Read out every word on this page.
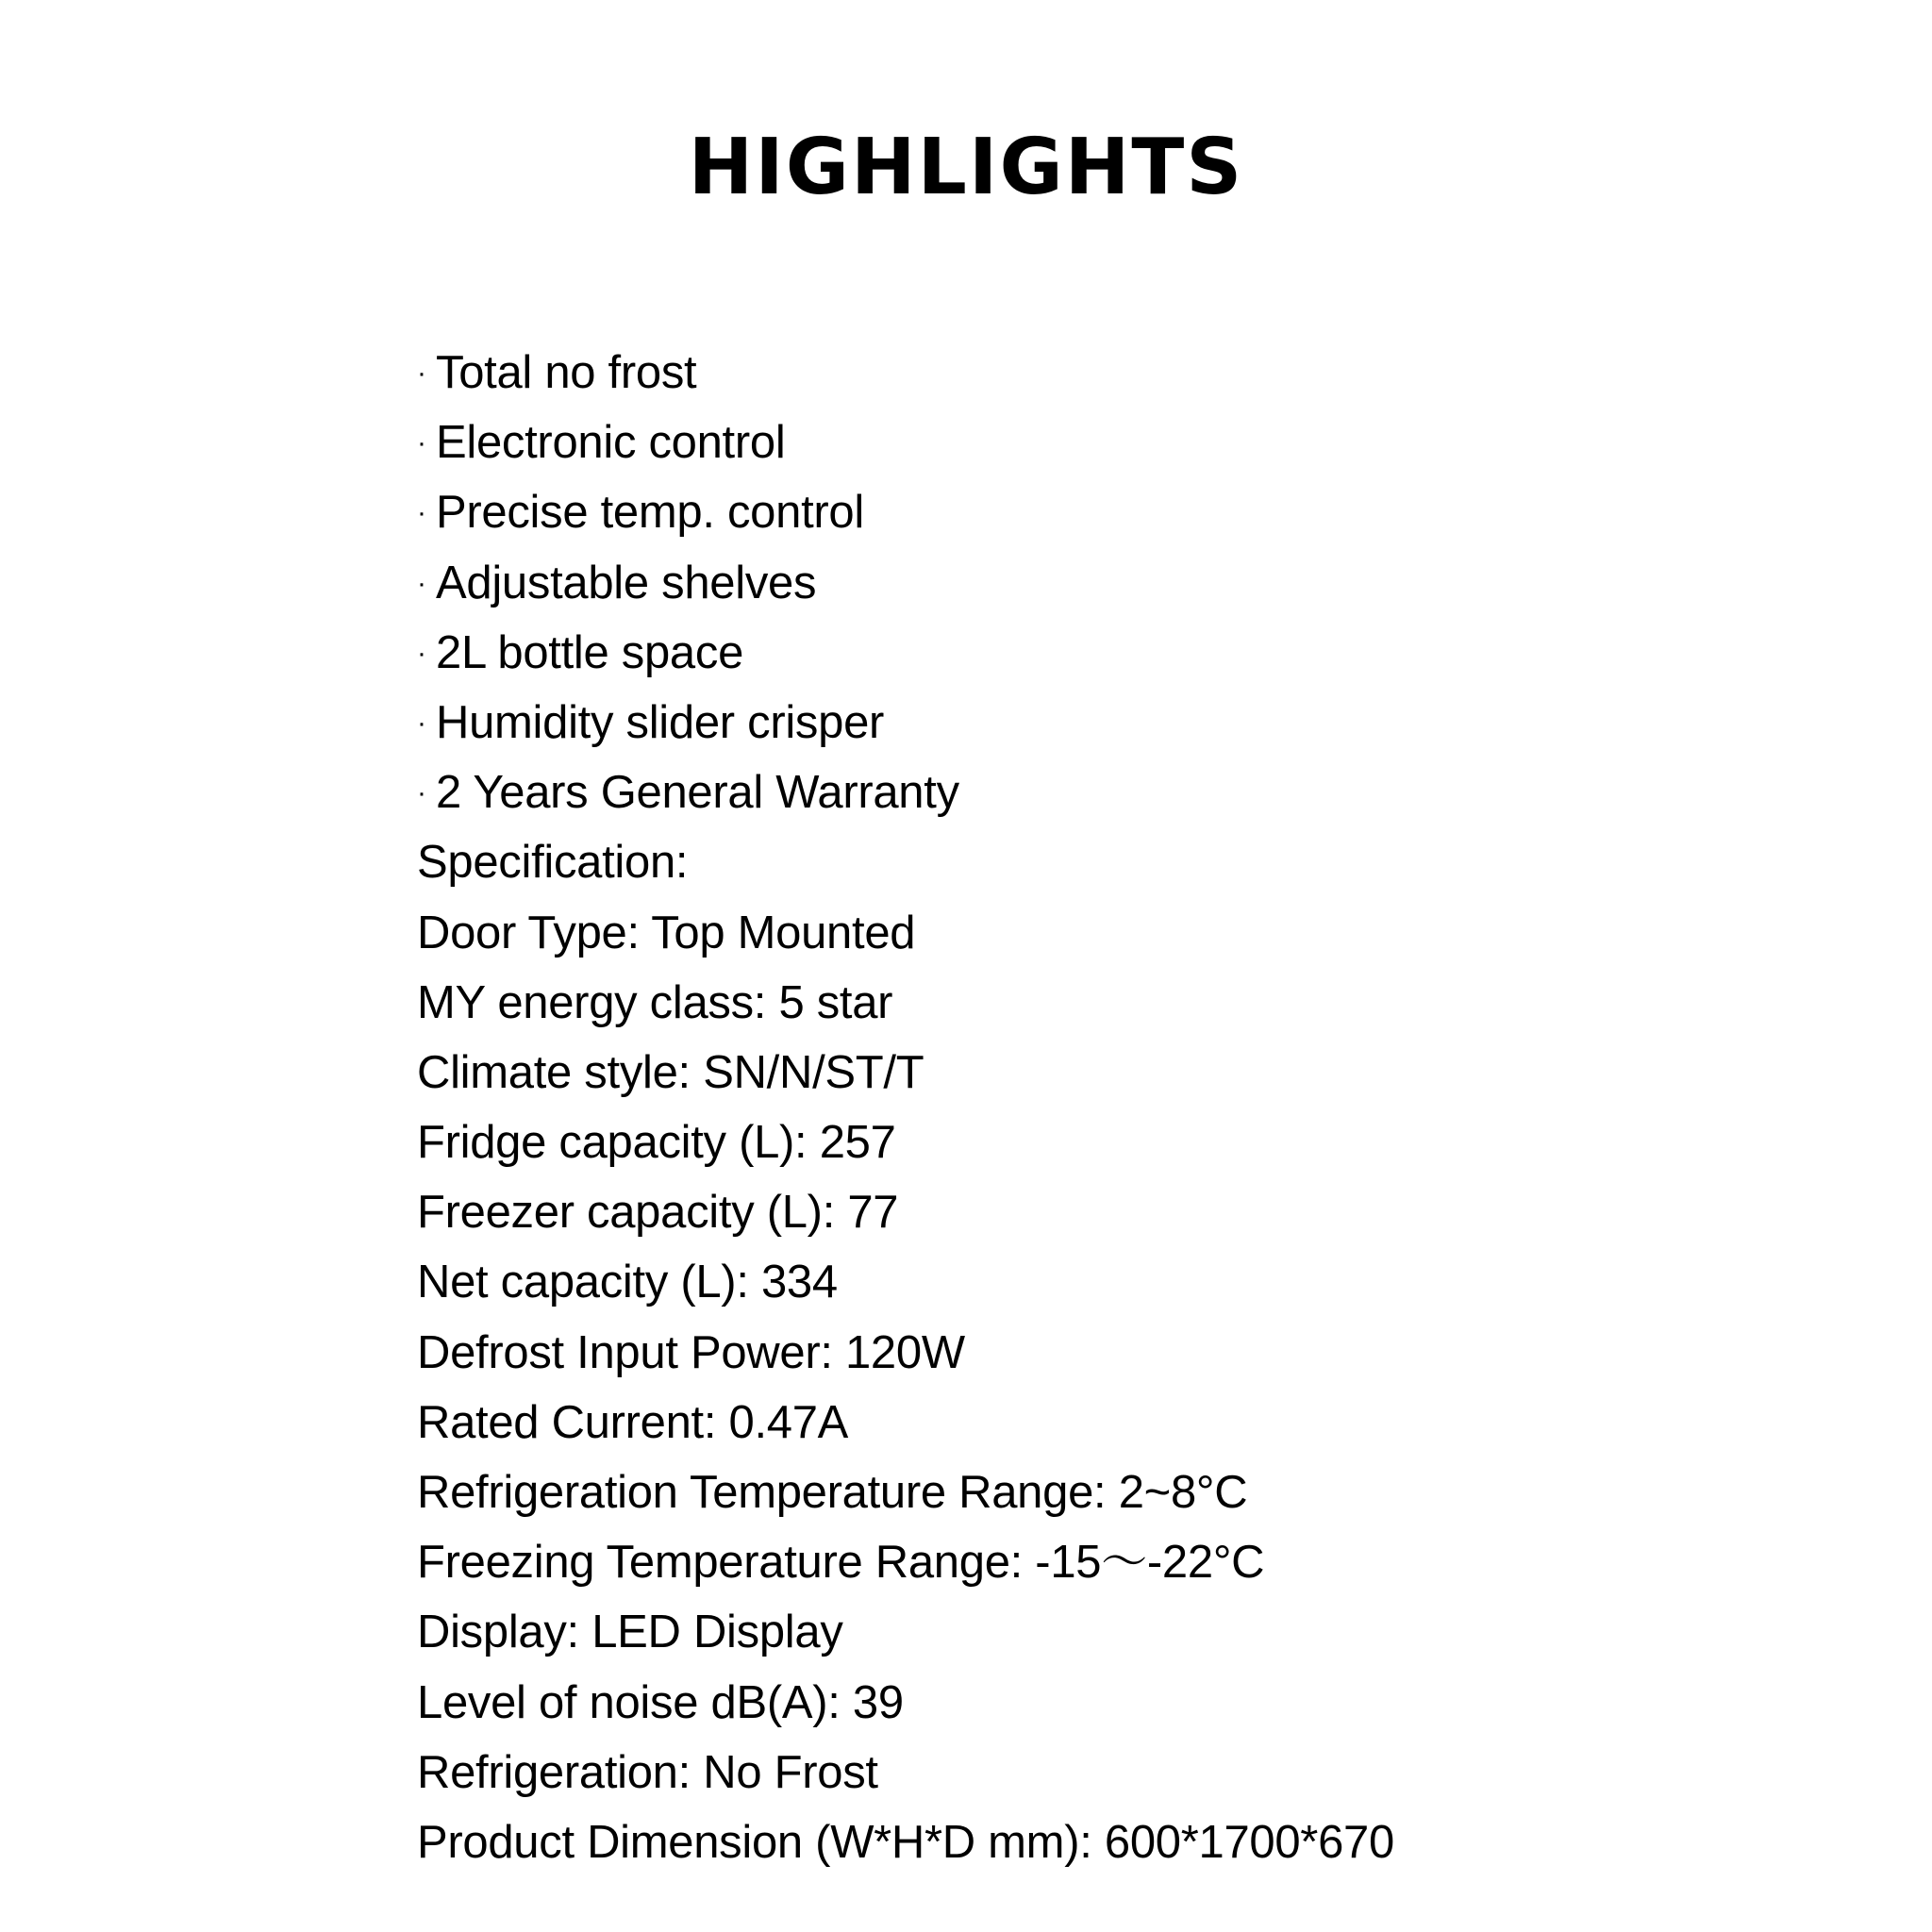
HIGHLIGHTS
· Total no frost
· Electronic control
· Precise temp. control
· Adjustable shelves
· 2L bottle space
· Humidity slider crisper
· 2 Years General Warranty
Specification:
Door Type: Top Mounted
MY energy class: 5 star
Climate style: SN/N/ST/T
Fridge capacity (L): 257
Freezer capacity (L): 77
Net capacity (L): 334
Defrost Input Power: 120W
Rated Current: 0.47A
Refrigeration Temperature Range: 2~8°C
Freezing Temperature Range: -15～-22°C
Display: LED Display
Level of noise dB(A): 39
Refrigeration: No Frost
Product Dimension (W*H*D mm): 600*1700*670
